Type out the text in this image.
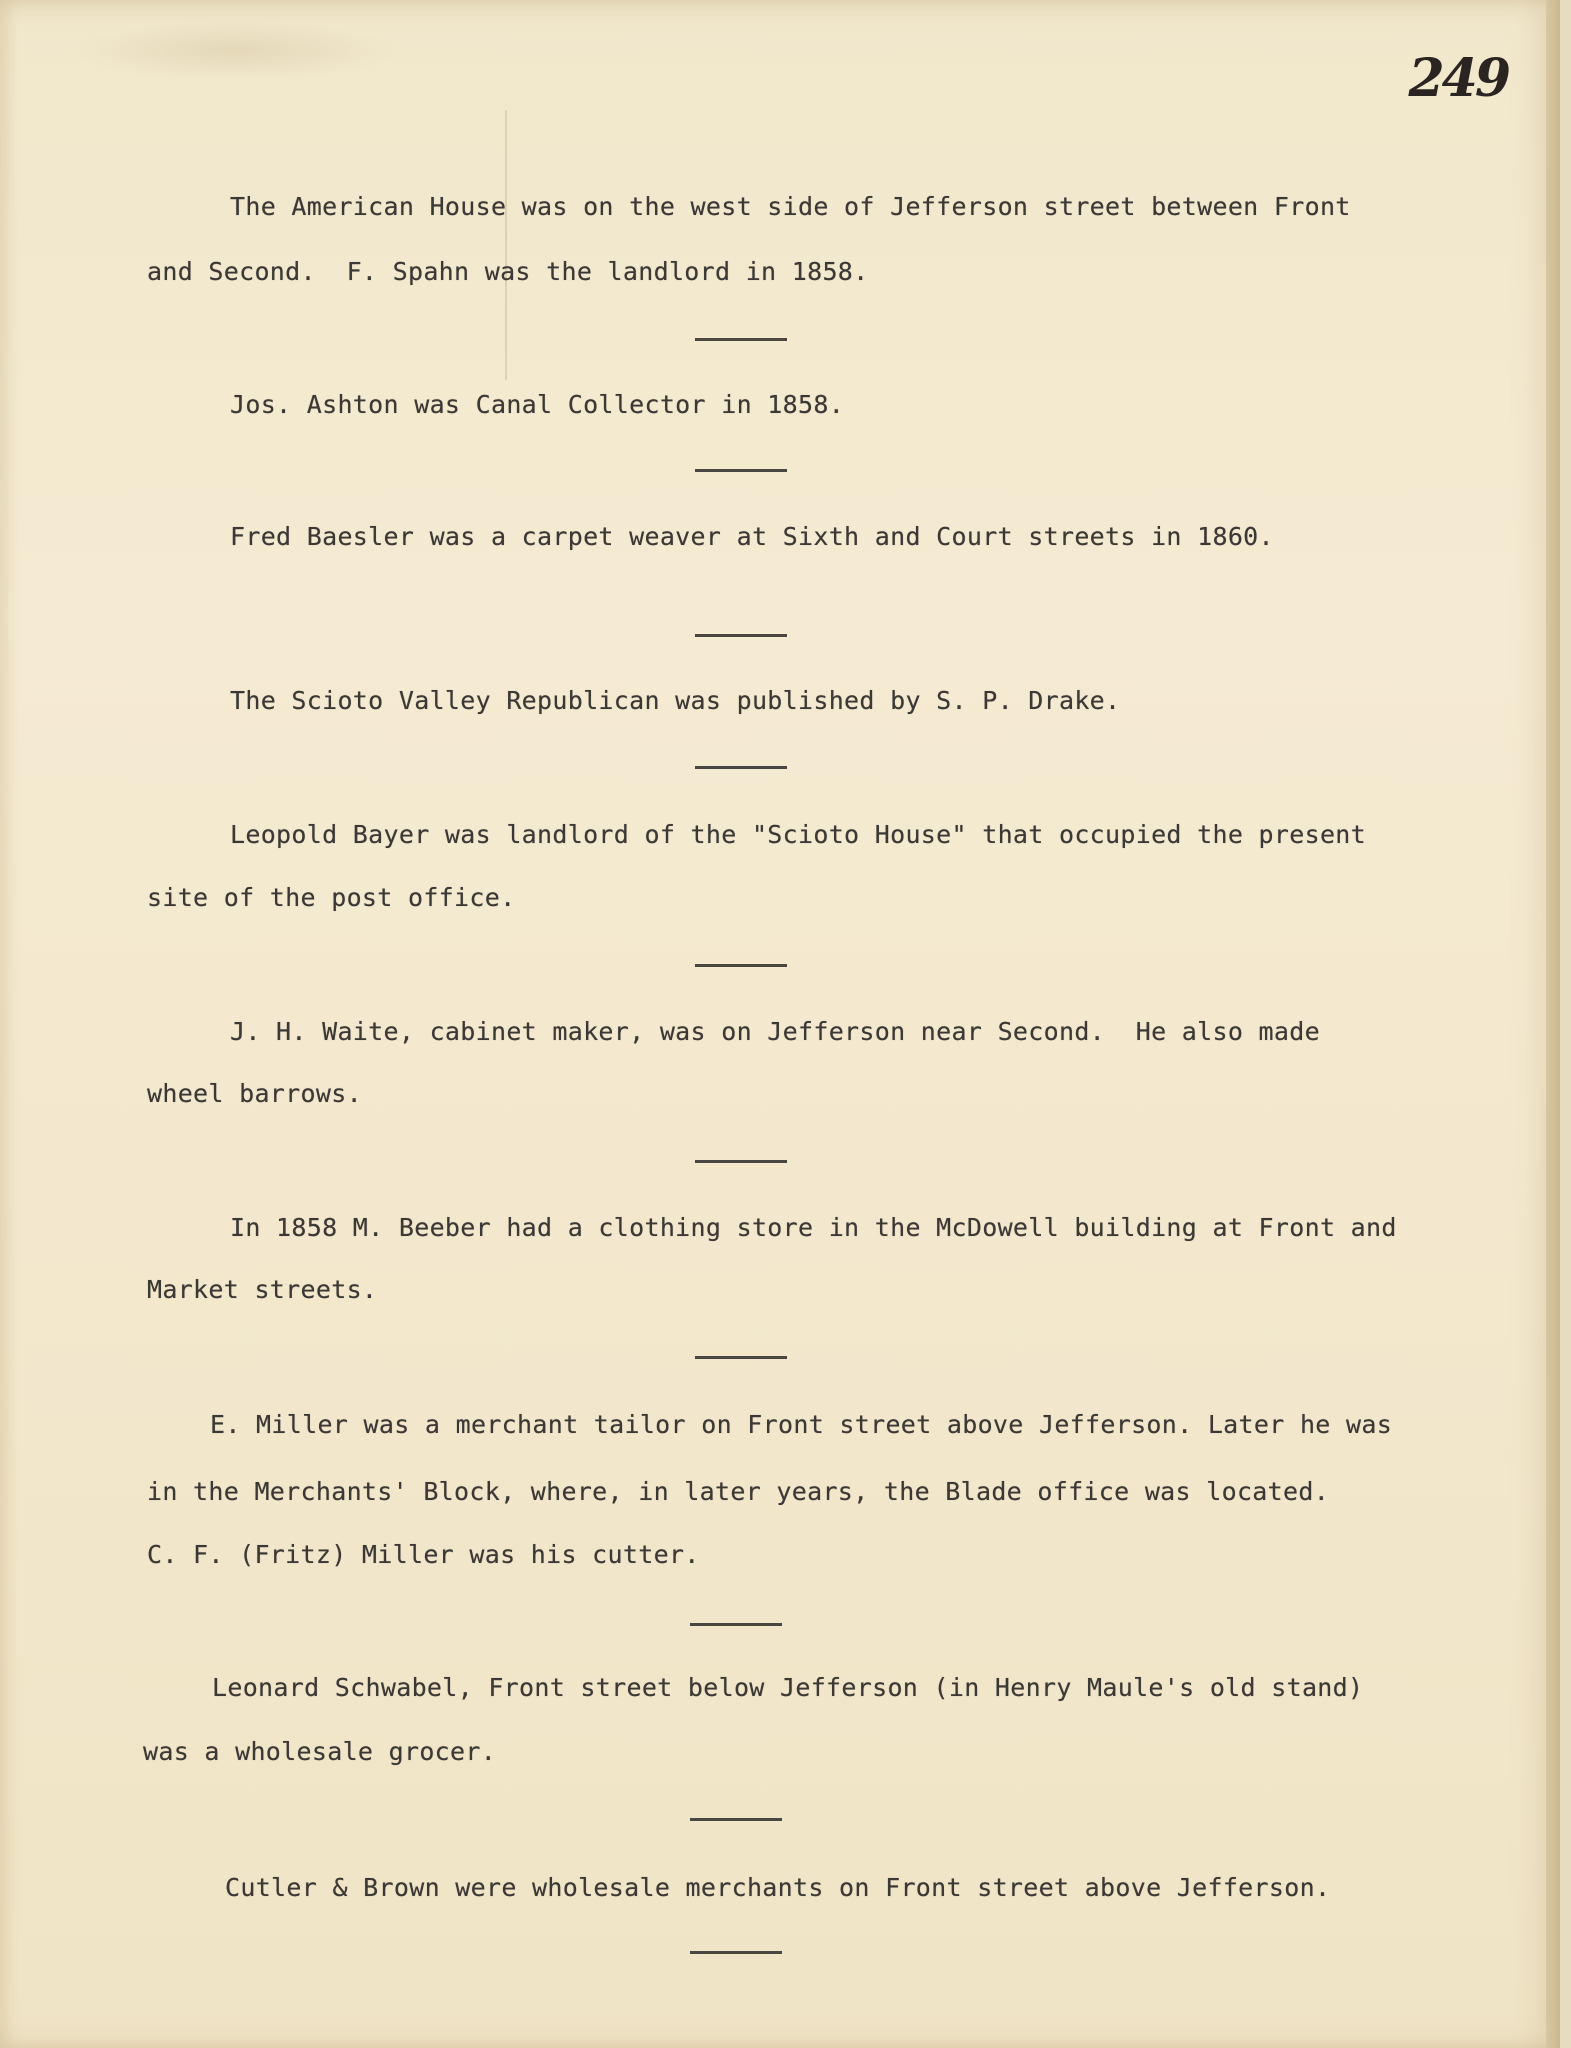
249
The American House was on the west side of Jefferson street between Front
and Second.  F. Spahn was the landlord in 1858.
Jos. Ashton was Canal Collector in 1858.
Fred Baesler was a carpet weaver at Sixth and Court streets in 1860.
The Scioto Valley Republican was published by S. P. Drake.
Leopold Bayer was landlord of the "Scioto House" that occupied the present
site of the post office.
J. H. Waite, cabinet maker, was on Jefferson near Second.  He also made
wheel barrows.
In 1858 M. Beeber had a clothing store in the McDowell building at Front and
Market streets.
E. Miller was a merchant tailor on Front street above Jefferson. Later he was
in the Merchants' Block, where, in later years, the Blade office was located.
C. F. (Fritz) Miller was his cutter.
Leonard Schwabel, Front street below Jefferson (in Henry Maule's old stand)
was a wholesale grocer.
Cutler & Brown were wholesale merchants on Front street above Jefferson.
